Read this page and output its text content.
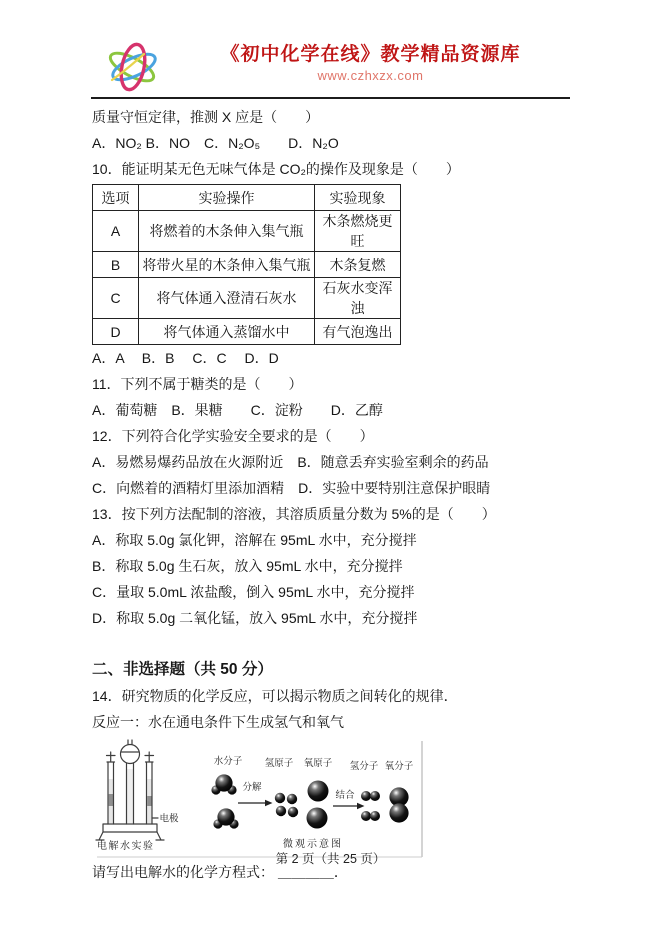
《初中化学在线》教学精品资源库
www.czhxzx.com

质量守恒定律，推测 X 应是（　　）

A．NO₂ B．NO　C．N₂O₅　　D．N₂O

10．能证明某无色无味气体是 CO₂的操作及现象是（　　）

选项	实验操作	实验现象
A	将燃着的木条伸入集气瓶	木条燃烧更旺
B	将带火星的木条伸入集气瓶	木条复燃
C	将气体通入澄清石灰水	石灰水变浑浊
D	将气体通入蒸馏水中	有气泡逸出

A．A　 B．B　 C．C　 D．D

11．下列不属于糖类的是（　　）

A．葡萄糖　B．果糖　　C．淀粉　　D．乙醇

12．下列符合化学实验安全要求的是（　　）

A．易燃易爆药品放在火源附近　B．随意丢弃实验室剩余的药品

C．向燃着的酒精灯里添加酒精　D．实验中要特别注意保护眼睛

13．按下列方法配制的溶液，其溶质质量分数为 5%的是（　　）

A．称取 5.0g 氯化钾，溶解在 95mL 水中，充分搅拌

B．称取 5.0g 生石灰，放入 95mL 水中，充分搅拌

C．量取 5.0mL 浓盐酸，倒入 95mL 水中，充分搅拌

D．称取 5.0g 二氧化锰，放入 95mL 水中，充分搅拌

二、非选择题（共 50 分）

14．研究物质的化学反应，可以揭示物质之间转化的规律．

反应一：水在通电条件下生成氢气和氧气

电极
电解水实验
水分子 氢原子 氧原子 氢分子 氧分子
分解
结合
微观示意图

请写出电解水的化学方程式： ＿＿＿＿．

第 2 页（共 25 页）
